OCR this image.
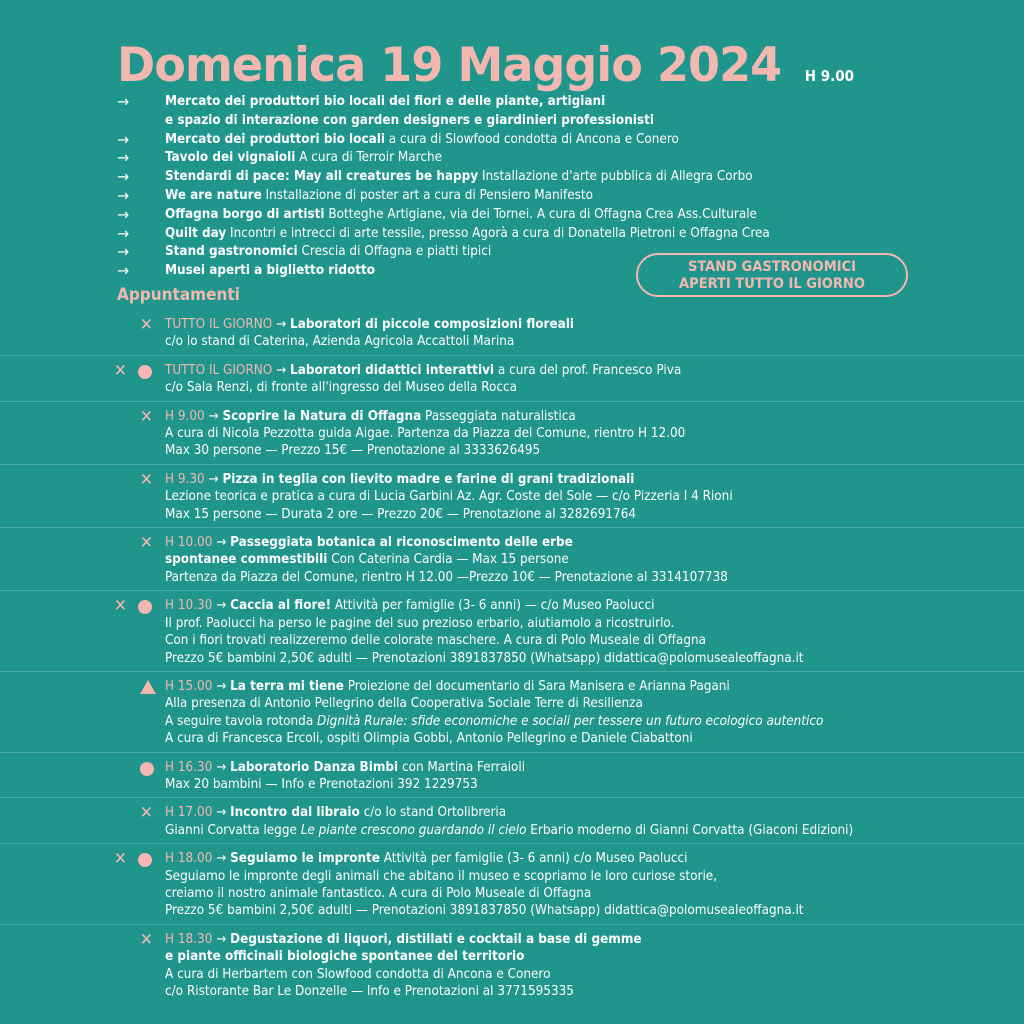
Domenica 19 Maggio 2024 H 9.00
→	Mercato dei produttori bio locali dei fiori e delle piante, artigiani
e spazio di interazione con garden designers e giardinieri professionisti
→	Mercato dei produttori bio locali a cura di Slowfood condotta di Ancona e Conero
→	Tavolo dei vignaioli A cura di Terroir Marche
→	Stendardi di pace: May all creatures be happy Installazione d'arte pubblica di Allegra Corbo
→	We are nature Installazione di poster art a cura di Pensiero Manifesto
→	Offagna borgo di artisti Botteghe Artigiane, via dei Tornei. A cura di Offagna Crea Ass.Culturale
→	Quilt day Incontri e intrecci di arte tessile, presso Agorà a cura di Donatella Pietroni e Offagna Crea
→	Stand gastronomici Crescia di Offagna e piatti tipici
→	Musei aperti a biglietto ridotto	STAND GASTRONOMICI
APERTI TUTTO IL GIORNO
Appuntamenti
✕ TUTTO IL GIORNO → Laboratori di piccole composizioni floreali
c/o lo stand di Caterina, Azienda Agricola Accattoli Marina
✕	TUTTO IL GIORNO → Laboratori didattici interattivi a cura del prof. Francesco Piva
c/o Sala Renzi, di fronte all'ingresso del Museo della Rocca
✕ H 9.00 → Scoprire la Natura di Offagna Passeggiata naturalistica
A cura di Nicola Pezzotta guida Aigae. Partenza da Piazza del Comune, rientro H 12.00
Max 30 persone — Prezzo 15€ — Prenotazione al 3333626495
✕ H 9.30 → Pizza in teglia con lievito madre e farine di grani tradizionali
Lezione teorica e pratica a cura di Lucia Garbini Az. Agr. Coste del Sole — c/o Pizzeria I 4 Rioni
Max 15 persone — Durata 2 ore — Prezzo 20€ — Prenotazione al 3282691764
✕ H 10.00 → Passeggiata botanica al riconoscimento delle erbe
spontanee commestibili Con Caterina Cardia — Max 15 persone
Partenza da Piazza del Comune, rientro H 12.00 —Prezzo 10€ — Prenotazione al 3314107738
✕	H 10.30 → Caccia al fiore! Attività per famiglie (3- 6 anni) — c/o Museo Paolucci
Il prof. Paolucci ha perso le pagine del suo prezioso erbario, aiutiamolo a ricostruirlo.
Con i fiori trovati realizzeremo delle colorate maschere. A cura di Polo Museale di Offagna
Prezzo 5€ bambini 2,50€ adulti — Prenotazioni 3891837850 (Whatsapp) didattica@polomusealeoffagna.it
H 15.00 → La terra mi tiene Proiezione del documentario di Sara Manisera e Arianna Pagani
Alla presenza di Antonio Pellegrino della Cooperativa Sociale Terre di Resilienza
A seguire tavola rotonda Dignità Rurale: sfide economiche e sociali per tessere un futuro ecologico autentico
A cura di Francesca Ercoli, ospiti Olimpia Gobbi, Antonio Pellegrino e Daniele Ciabattoni
H 16.30 → Laboratorio Danza Bimbi con Martina Ferraioli
Max 20 bambini — Info e Prenotazioni 392 1229753
✕ H 17.00 → Incontro dal libraio c/o lo stand Ortolibreria
Gianni Corvatta legge Le piante crescono guardando il cielo Erbario moderno di Gianni Corvatta (Giaconi Edizioni)
✕	H 18.00 → Seguiamo le impronte Attività per famiglie (3- 6 anni) c/o Museo Paolucci
Seguiamo le impronte degli animali che abitano il museo e scopriamo le loro curiose storie,
creiamo il nostro animale fantastico. A cura di Polo Museale di Offagna
Prezzo 5€ bambini 2,50€ adulti — Prenotazioni 3891837850 (Whatsapp) didattica@polomusealeoffagna.it
✕ H 18.30 → Degustazione di liquori, distillati e cocktail a base di gemme
e piante officinali biologiche spontanee del territorio
A cura di Herbartem con Slowfood condotta di Ancona e Conero
c/o Ristorante Bar Le Donzelle — Info e Prenotazioni al 3771595335
